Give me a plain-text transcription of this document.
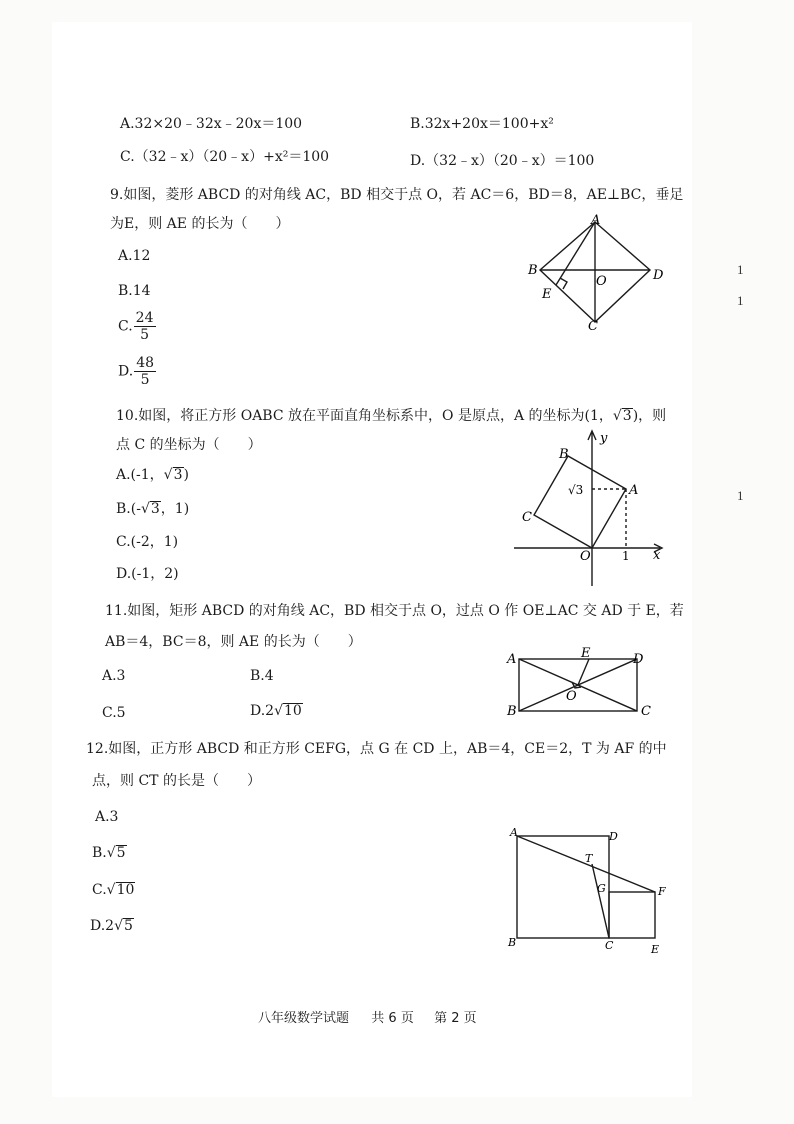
A.32×20﹣32x﹣20x＝100	B.32x+20x＝100+x²
C.（32﹣x）（20﹣x）+x²＝100	D.（32﹣x）（20﹣x）＝100
9.如图，菱形 ABCD 的对角线 AC，BD 相交于点 O，若 AC＝6，BD＝8，AE⊥BC，垂足
为E，则 AE 的长为（　　）
A.12
B.14
C. $\frac{24}{5}$
D. $\frac{48}{5}$
A
B	D
C
E
O
10.如图，将正方形 OABC 放在平面直角坐标系中，O 是原点，A 的坐标为(1，√3)，则
点 C 的坐标为（　　）
A.(-1，√3)
B.(-√3，1)
C.(-2，1)
D.(-1，2)
y
x
O
A
B
C
1
√3
11.如图，矩形 ABCD 的对角线 AC，BD 相交于点 O，过点 O 作 OE⊥AC 交 AD 于 E，若
AB＝4，BC＝8，则 AE 的长为（　　）
A.3	B.4
C.5	D.2√10
A
B	C
D
E
O
12.如图，正方形 ABCD 和正方形 CEFG，点 G 在 CD 上，AB＝4，CE＝2，T 为 AF 的中
点，则 CT 的长是（　　）
A.3
B.√5
C.√10
D.2√5
A
B	C
D
E
F
G
T
1
1
1
八年级数学试题 共 6 页 第 2 页
